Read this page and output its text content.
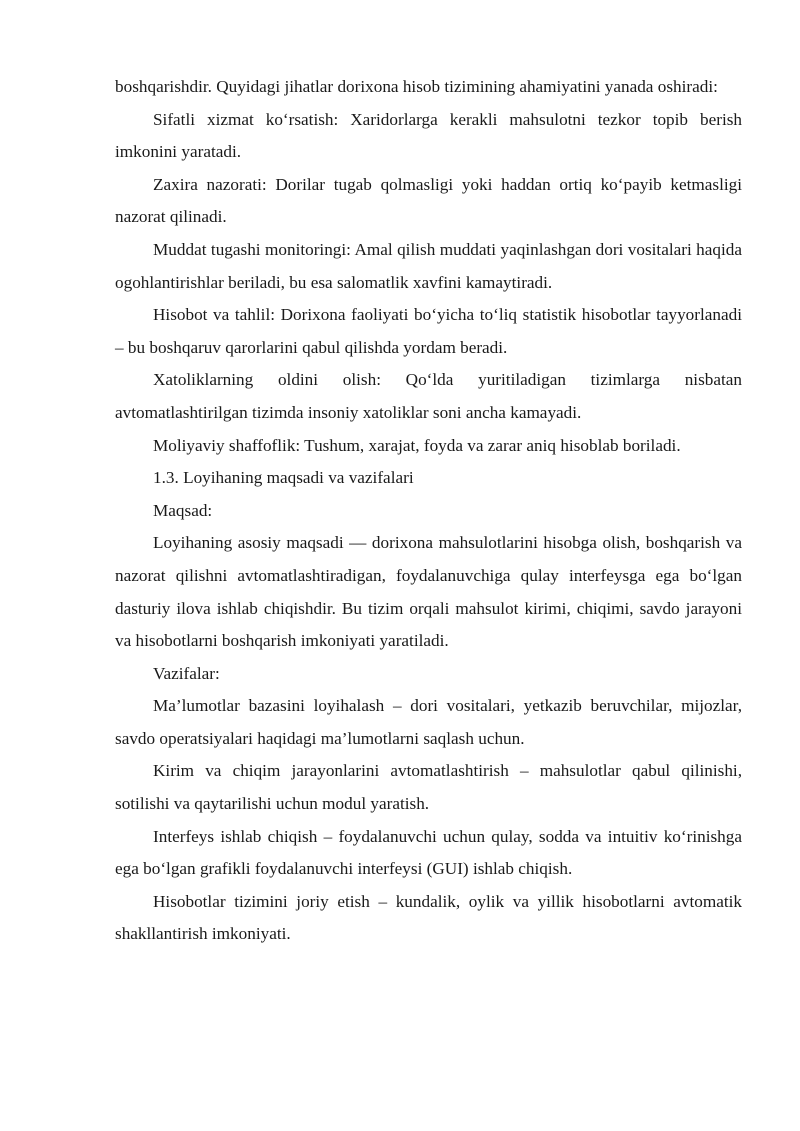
boshqarishdir. Quyidagi jihatlar dorixona hisob tizimining ahamiyatini yanada oshiradi:

Sifatli xizmat ko‘rsatish: Xaridorlarga kerakli mahsulotni tezkor topib berish imkonini yaratadi.

Zaxira nazorati: Dorilar tugab qolmasligi yoki haddan ortiq ko‘payib ketmasligi nazorat qilinadi.

Muddat tugashi monitoringi: Amal qilish muddati yaqinlashgan dori vositalari haqida ogohlantirishlar beriladi, bu esa salomatlik xavfini kamaytiradi.

Hisobot va tahlil: Dorixona faoliyati bo‘yicha to‘liq statistik hisobotlar tayyorlanadi – bu boshqaruv qarorlarini qabul qilishda yordam beradi.

Xatoliklarning oldini olish: Qo‘lda yuritiladigan tizimlarga nisbatan avtomatlashtirilgan tizimda insoniy xatoliklar soni ancha kamayadi.

Moliyaviy shaffoflik: Tushum, xarajat, foyda va zarar aniq hisoblab boriladi.

1.3. Loyihaning maqsadi va vazifalari

Maqsad:

Loyihaning asosiy maqsadi — dorixona mahsulotlarini hisobga olish, boshqarish va nazorat qilishni avtomatlashtiradigan, foydalanuvchiga qulay interfeysga ega bo‘lgan dasturiy ilova ishlab chiqishdir. Bu tizim orqali mahsulot kirimi, chiqimi, savdo jarayoni va hisobotlarni boshqarish imkoniyati yaratiladi.

Vazifalar:

Ma’lumotlar bazasini loyihalash – dori vositalari, yetkazib beruvchilar, mijozlar, savdo operatsiyalari haqidagi ma’lumotlarni saqlash uchun.

Kirim va chiqim jarayonlarini avtomatlashtirish – mahsulotlar qabul qilinishi, sotilishi va qaytarilishi uchun modul yaratish.

Interfeys ishlab chiqish – foydalanuvchi uchun qulay, sodda va intuitiv ko‘rinishga ega bo‘lgan grafikli foydalanuvchi interfeysi (GUI) ishlab chiqish.

Hisobotlar tizimini joriy etish – kundalik, oylik va yillik hisobotlarni avtomatik shakllantirish imkoniyati.
